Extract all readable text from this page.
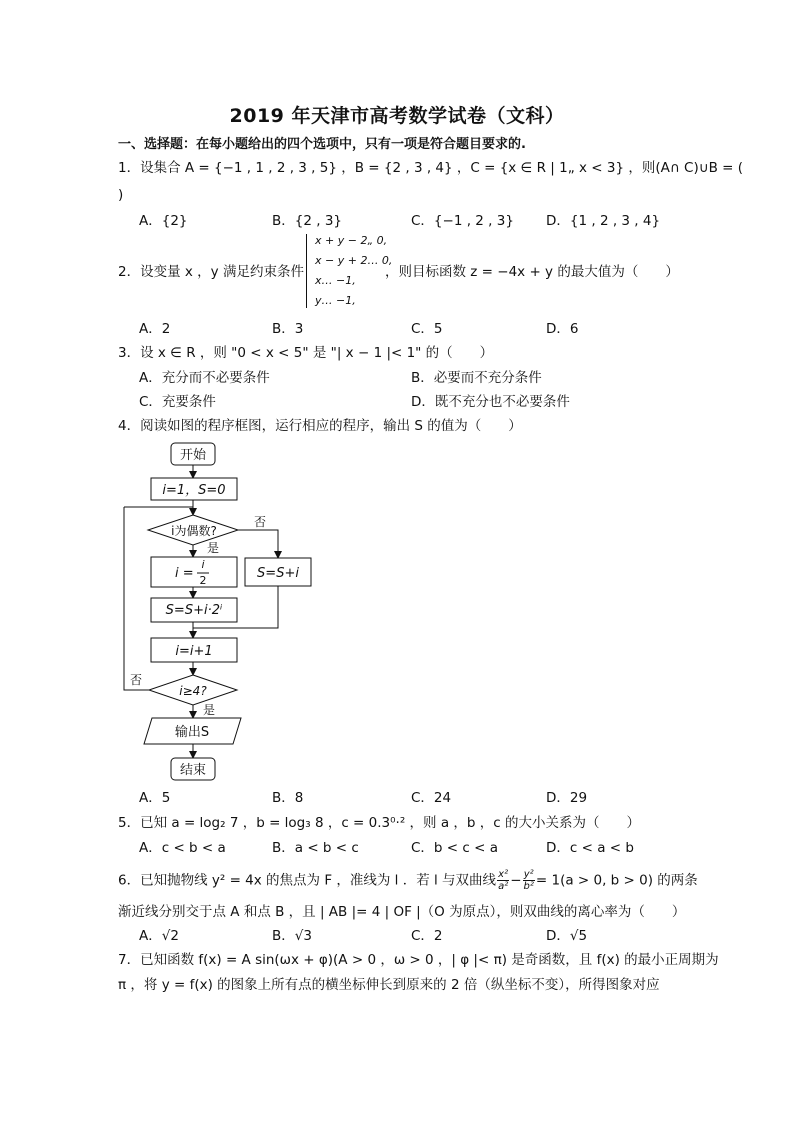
2019 年天津市高考数学试卷（文科）
一、选择题：在每小题给出的四个选项中，只有一项是符合题目要求的.
1．设集合 A = {−1 , 1 , 2 , 3 , 5} ，B = {2 , 3 , 4} ，C = {x ∈ R | 1„ x < 3} ，则(A∩ C)∪B = (
)
A．{2}	B．{2 , 3}	C．{−1 , 2 , 3} D．{1 , 2 , 3 , 4}
2．设变量 x ，y 满足约束条件
x + y − 2„ 0,
x − y + 2… 0,
x… −1,
y… −1,
，则目标函数 z = −4x + y 的最大值为（　　）
A．2	B．3	C．5	D．6
3．设 x ∈ R ，则 "0 < x < 5" 是 "| x − 1 |< 1" 的（　　）
A．充分而不必要条件	B．必要而不充分条件
C．充要条件	D．既不充分也不必要条件
4．阅读如图的程序框图，运行相应的程序，输出 S 的值为（　　）
开始
i=1，S=0
i为偶数?
是
否
i =
i
2
S=S+i·2ⁱ
S=S+i
i=i+1
i≥4?
否
是
输出S
结束
A．5	B．8	C．24	D．29
5．已知 a = log₂ 7 ，b = log₃ 8 ，c = 0.3⁰·² ，则 a ，b ，c 的大小关系为（　　）
A．c < b < a	B．a < b < c	C．b < c < a	D．c < a < b
6．已知抛物线 y² = 4x 的焦点为 F ，准线为 l ．若 l 与双曲线 $\frac{\text{x²}}{\text{a²}} - \frac{\text{y²}}{\text{b²}} = 1(a > 0$, b > 0) 的两条
渐近线分别交于点 A 和点 B ，且 | AB |= 4 | OF |（O 为原点），则双曲线的离心率为（　　）
A．√2	B．√3	C．2	D．√5
7．已知函数 f(x) = A sin(ωx + φ)(A > 0 ，ω > 0 ，| φ |< π) 是奇函数，且 f(x) 的最小正周期为
π ，将 y = f(x) 的图象上所有点的横坐标伸长到原来的 2 倍（纵坐标不变），所得图象对应
